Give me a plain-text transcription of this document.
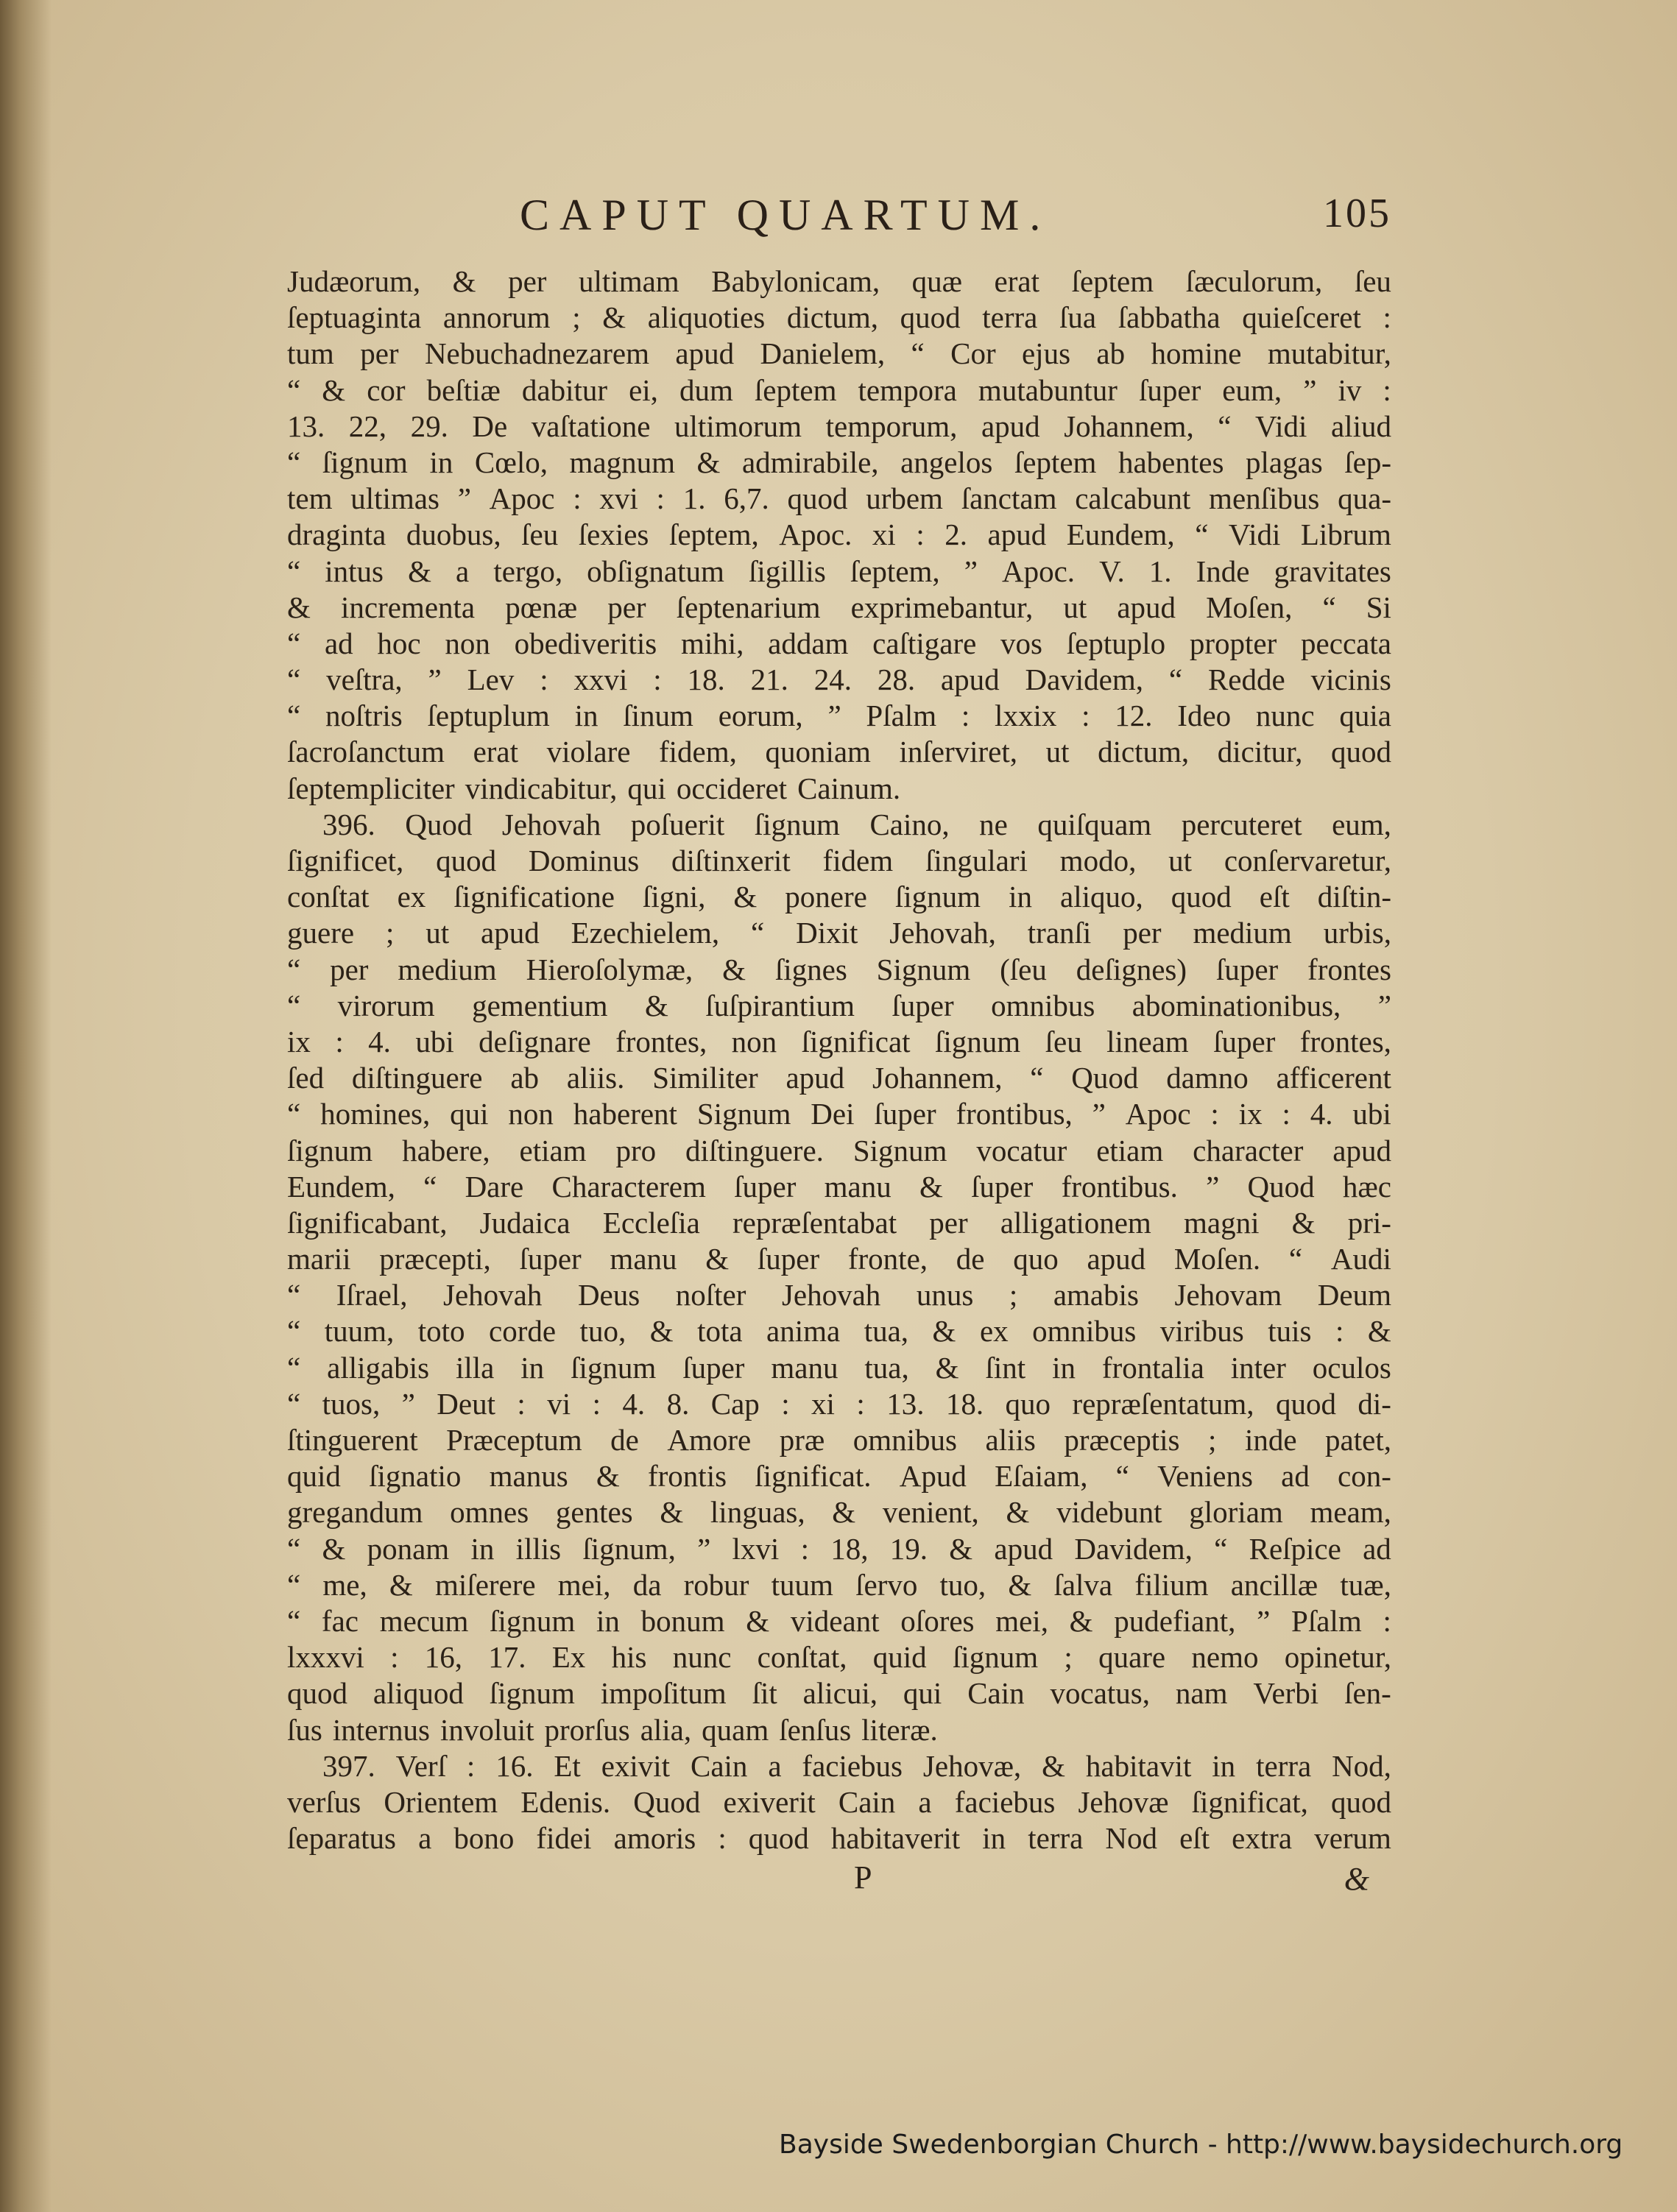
CAPUT QUARTUM.	105
Judæorum, & per ultimam Babylonicam, quæ erat ſeptem ſæculorum, ſeu
ſeptuaginta annorum ; & aliquoties dictum, quod terra ſua ſabbatha quieſceret :
tum per Nebuchadnezarem apud Danielem, “ Cor ejus ab homine mutabitur,
“ & cor beſtiæ dabitur ei, dum ſeptem tempora mutabuntur ſuper eum, ” iv :
13. 22, 29. De vaſtatione ultimorum temporum, apud Johannem, “ Vidi aliud
“ ſignum in Cœlo, magnum & admirabile, angelos ſeptem habentes plagas ſep-
tem ultimas ” Apoc : xvi : 1. 6,7. quod urbem ſanctam calcabunt menſibus qua-
draginta duobus, ſeu ſexies ſeptem, Apoc. xi : 2. apud Eundem, “ Vidi Librum
“ intus & a tergo, obſignatum ſigillis ſeptem, ” Apoc. V. 1. Inde gravitates
& incrementa pœnæ per ſeptenarium exprimebantur, ut apud Moſen, “ Si
“ ad hoc non obediveritis mihi, addam caſtigare vos ſeptuplo propter peccata
“ veſtra, ” Lev : xxvi : 18. 21. 24. 28. apud Davidem, “ Redde vicinis
“ noſtris ſeptuplum in ſinum eorum, ” Pſalm : lxxix : 12. Ideo nunc quia
ſacroſanctum erat violare fidem, quoniam inſerviret, ut dictum, dicitur, quod
ſeptempliciter vindicabitur, qui occideret Cainum.
396. Quod Jehovah poſuerit ſignum Caino, ne quiſquam percuteret eum,
ſignificet, quod Dominus diſtinxerit fidem ſingulari modo, ut conſervaretur,
conſtat ex ſignificatione ſigni, & ponere ſignum in aliquo, quod eſt diſtin-
guere ; ut apud Ezechielem, “ Dixit Jehovah, tranſi per medium urbis,
“ per medium Hieroſolymæ, & ſignes Signum (ſeu deſignes) ſuper frontes
“ virorum gementium & ſuſpirantium ſuper omnibus abominationibus, ”
ix : 4. ubi deſignare frontes, non ſignificat ſignum ſeu lineam ſuper frontes,
ſed diſtinguere ab aliis. Similiter apud Johannem, “ Quod damno afficerent
“ homines, qui non haberent Signum Dei ſuper frontibus, ” Apoc : ix : 4. ubi
ſignum habere, etiam pro diſtinguere. Signum vocatur etiam character apud
Eundem, “ Dare Characterem ſuper manu & ſuper frontibus. ” Quod hæc
ſignificabant, Judaica Eccleſia repræſentabat per alligationem magni & pri-
marii præcepti, ſuper manu & ſuper fronte, de quo apud Moſen. “ Audi
“ Iſrael, Jehovah Deus noſter Jehovah unus ; amabis Jehovam Deum
“ tuum, toto corde tuo, & tota anima tua, & ex omnibus viribus tuis : &
“ alligabis illa in ſignum ſuper manu tua, & ſint in frontalia inter oculos
“ tuos, ” Deut : vi : 4. 8. Cap : xi : 13. 18. quo repræſentatum, quod di-
ſtinguerent Præceptum de Amore præ omnibus aliis præceptis ; inde patet,
quid ſignatio manus & frontis ſignificat. Apud Eſaiam, “ Veniens ad con-
gregandum omnes gentes & linguas, & venient, & videbunt gloriam meam,
“ & ponam in illis ſignum, ” lxvi : 18, 19. & apud Davidem, “ Reſpice ad
“ me, & miſerere mei, da robur tuum ſervo tuo, & ſalva filium ancillæ tuæ,
“ fac mecum ſignum in bonum & videant oſores mei, & pudefiant, ” Pſalm :
lxxxvi : 16, 17. Ex his nunc conſtat, quid ſignum ; quare nemo opinetur,
quod aliquod ſignum impoſitum ſit alicui, qui Cain vocatus, nam Verbi ſen-
ſus internus involuit prorſus alia, quam ſenſus literæ.
397. Verſ : 16. Et exivit Cain a faciebus Jehovæ, & habitavit in terra Nod,
verſus Orientem Edenis. Quod exiverit Cain a faciebus Jehovæ ſignificat, quod
ſeparatus a bono fidei amoris : quod habitaverit in terra Nod eſt extra verum
P	&
Bayside Swedenborgian Church - http://www.baysidechurch.org
